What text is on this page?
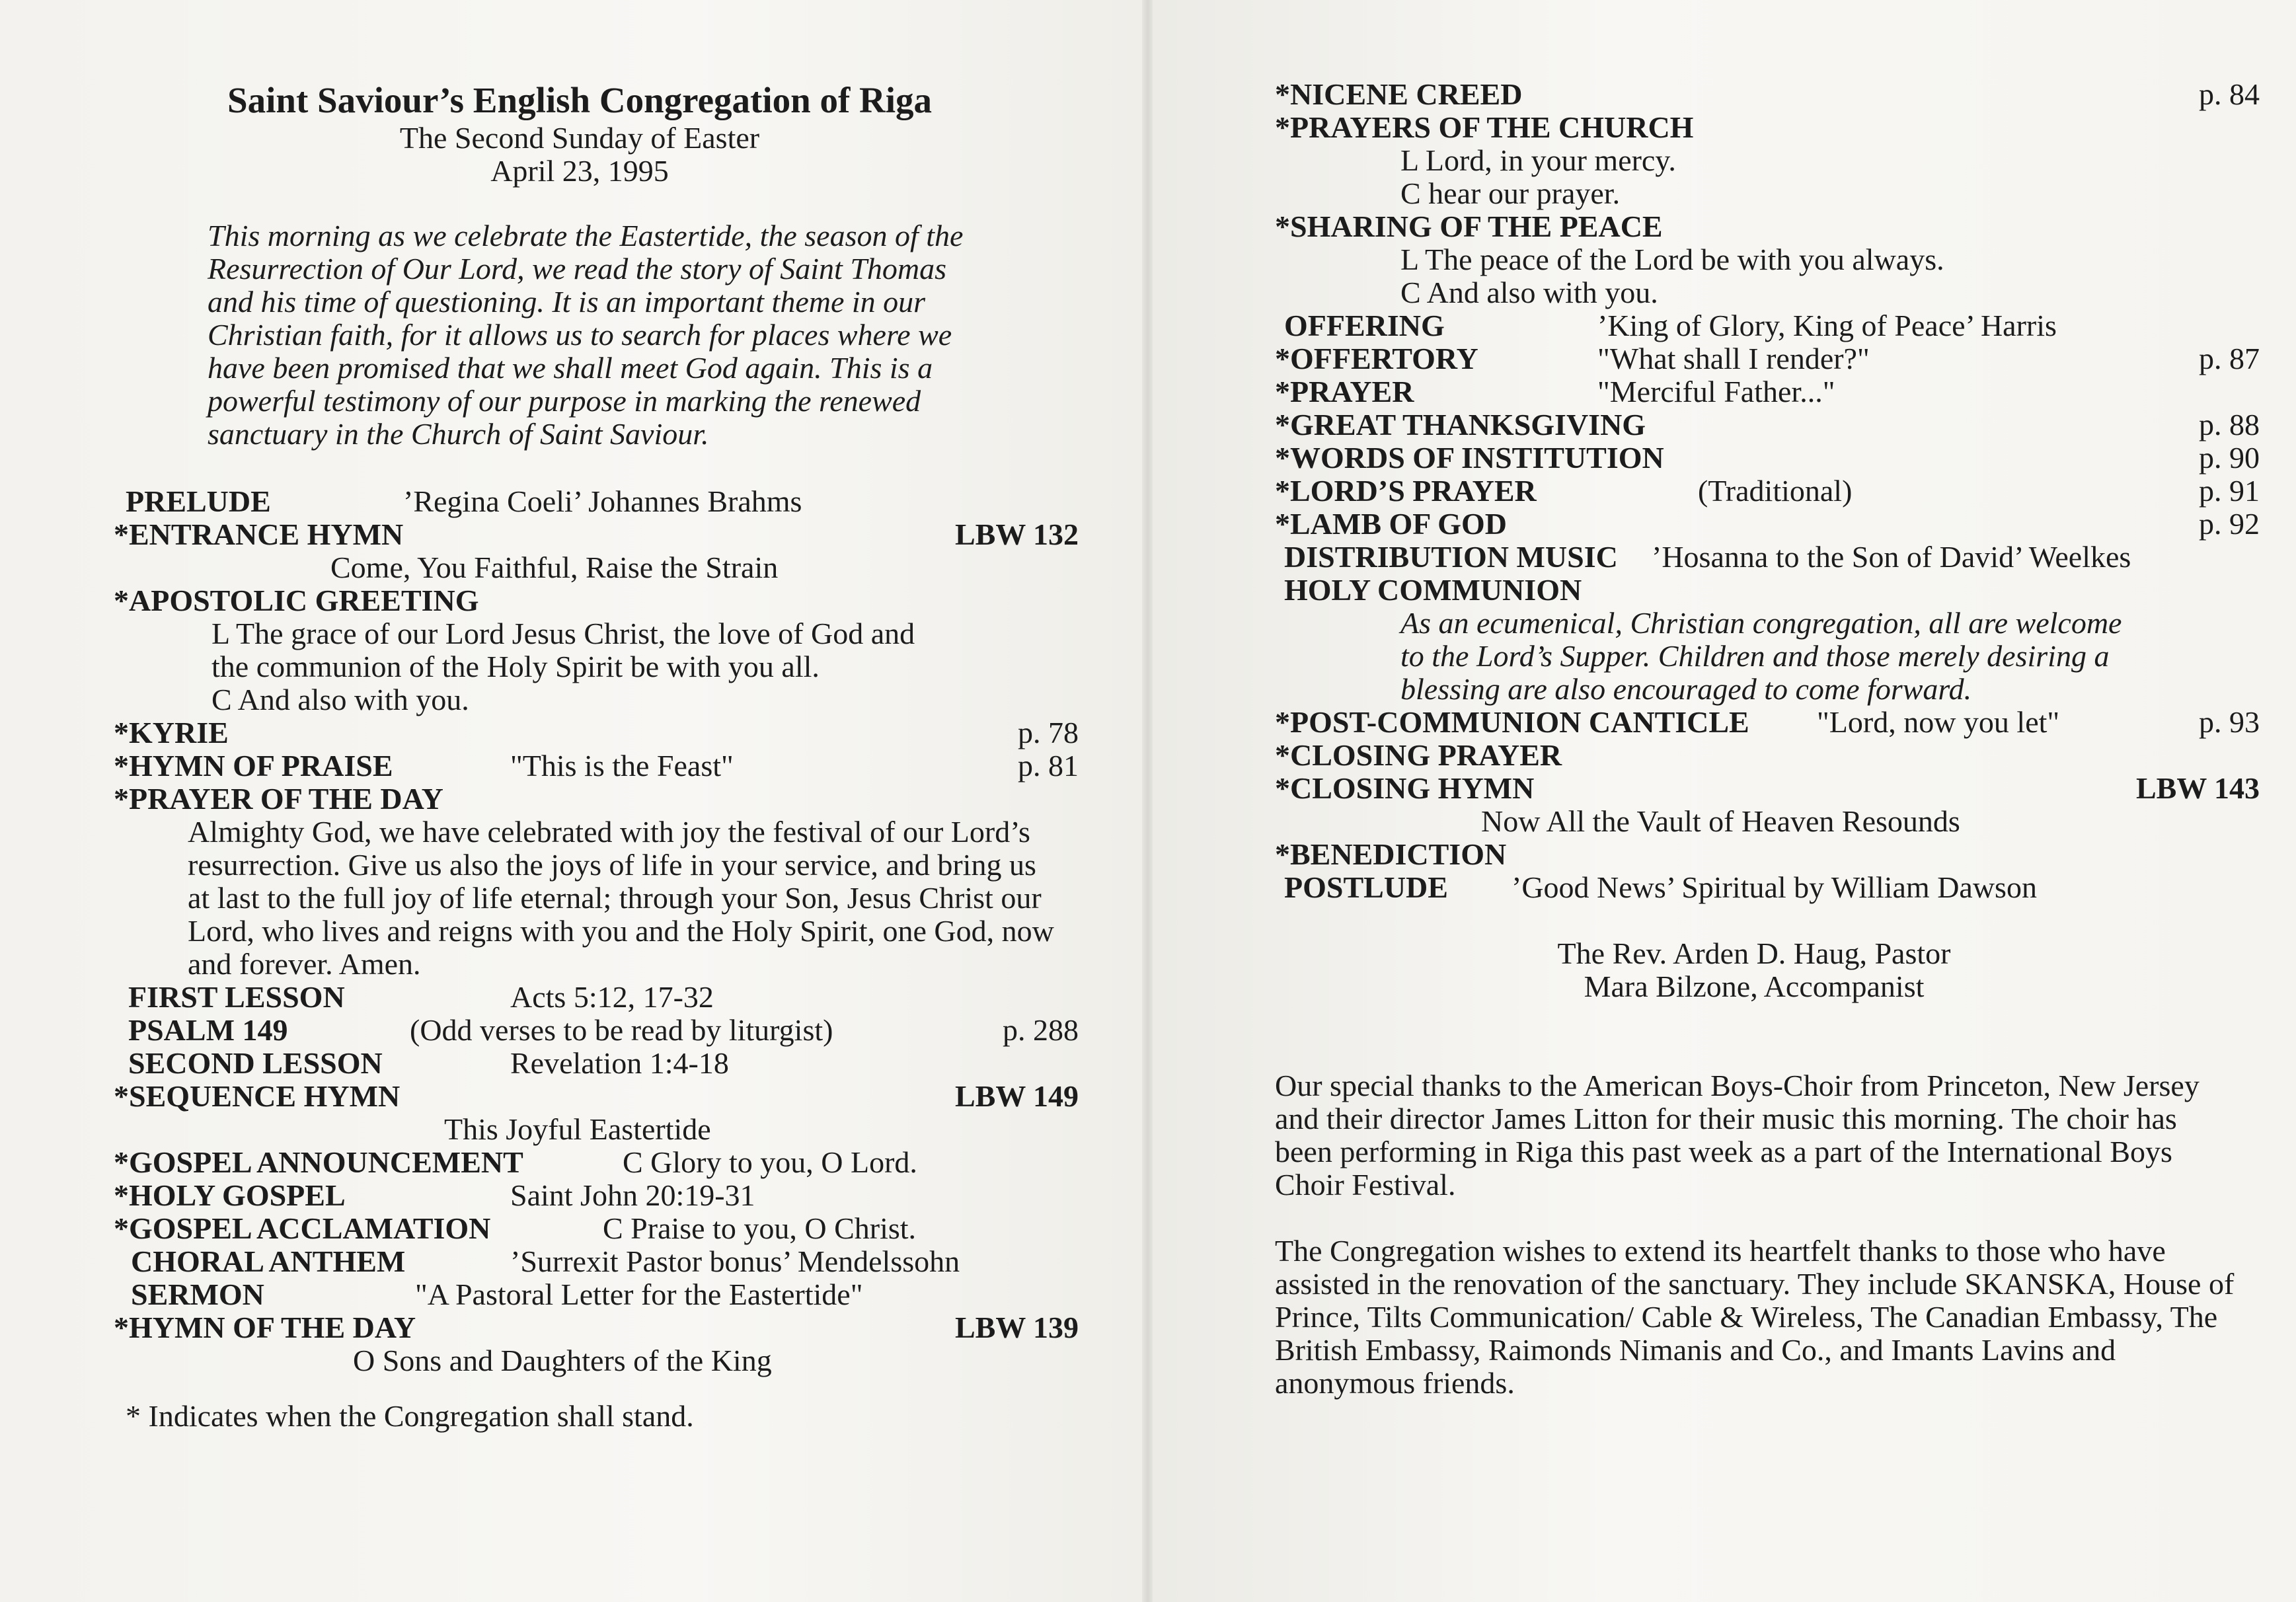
Saint Saviour’s English Congregation of Riga
The Second Sunday of Easter
April 23, 1995
This morning as we celebrate the Eastertide, the season of the Resurrection of Our Lord, we read the story of Saint Thomas and his time of questioning. It is an important theme in our Christian faith, for it allows us to search for places where we have been promised that we shall meet God again. This is a powerful testimony of our purpose in marking the renewed sanctuary in the Church of Saint Saviour.
PRELUDE	’Regina Coeli’ Johannes Brahms
*ENTRANCE HYMN	LBW 132
Come, You Faithful, Raise the Strain
*APOSTOLIC GREETING
L The grace of our Lord Jesus Christ, the love of God and
the communion of the Holy Spirit be with you all.
C And also with you.
*KYRIE	p. 78
*HYMN OF PRAISE	"This is the Feast"	p. 81
*PRAYER OF THE DAY
Almighty God, we have celebrated with joy the festival of our Lord’s resurrection. Give us also the joys of life in your service, and bring us at last to the full joy of life eternal; through your Son, Jesus Christ our Lord, who lives and reigns with you and the Holy Spirit, one God, now and forever. Amen.
FIRST LESSON	Acts 5:12, 17-32
PSALM 149	(Odd verses to be read by liturgist)	p. 288
SECOND LESSON	Revelation 1:4-18
*SEQUENCE HYMN	LBW 149
This Joyful Eastertide
*GOSPEL ANNOUNCEMENT	C Glory to you, O Lord.
*HOLY GOSPEL	Saint John 20:19-31
*GOSPEL ACCLAMATION	C Praise to you, O Christ.
CHORAL ANTHEM	’Surrexit Pastor bonus’ Mendelssohn
SERMON	"A Pastoral Letter for the Eastertide"
*HYMN OF THE DAY	LBW 139
O Sons and Daughters of the King
* Indicates when the Congregation shall stand.
*NICENE CREED	p. 84
*PRAYERS OF THE CHURCH
L Lord, in your mercy.
C hear our prayer.
*SHARING OF THE PEACE
L The peace of the Lord be with you always.
C And also with you.
OFFERING	’King of Glory, King of Peace’ Harris
*OFFERTORY	"What shall I render?"	p. 87
*PRAYER	"Merciful Father..."
*GREAT THANKSGIVING	p. 88
*WORDS OF INSTITUTION	p. 90
*LORD’S PRAYER	(Traditional)	p. 91
*LAMB OF GOD	p. 92
DISTRIBUTION MUSIC ’Hosanna to the Son of David’ Weelkes
HOLY COMMUNION
As an ecumenical, Christian congregation, all are welcome to the Lord’s Supper. Children and those merely desiring a blessing are also encouraged to come forward.
*POST-COMMUNION CANTICLE "Lord, now you let"	p. 93
*CLOSING PRAYER
*CLOSING HYMN	LBW 143
Now All the Vault of Heaven Resounds
*BENEDICTION
POSTLUDE ’Good News’ Spiritual by William Dawson
The Rev. Arden D. Haug, Pastor
Mara Bilzone, Accompanist
Our special thanks to the American Boys-Choir from Princeton, New Jersey and their director James Litton for their music this morning. The choir has been performing in Riga this past week as a part of the International Boys Choir Festival.
The Congregation wishes to extend its heartfelt thanks to those who have assisted in the renovation of the sanctuary. They include SKANSKA, House of Prince, Tilts Communication/ Cable & Wireless, The Canadian Embassy, The British Embassy, Raimonds Nimanis and Co., and Imants Lavins and anonymous friends.
